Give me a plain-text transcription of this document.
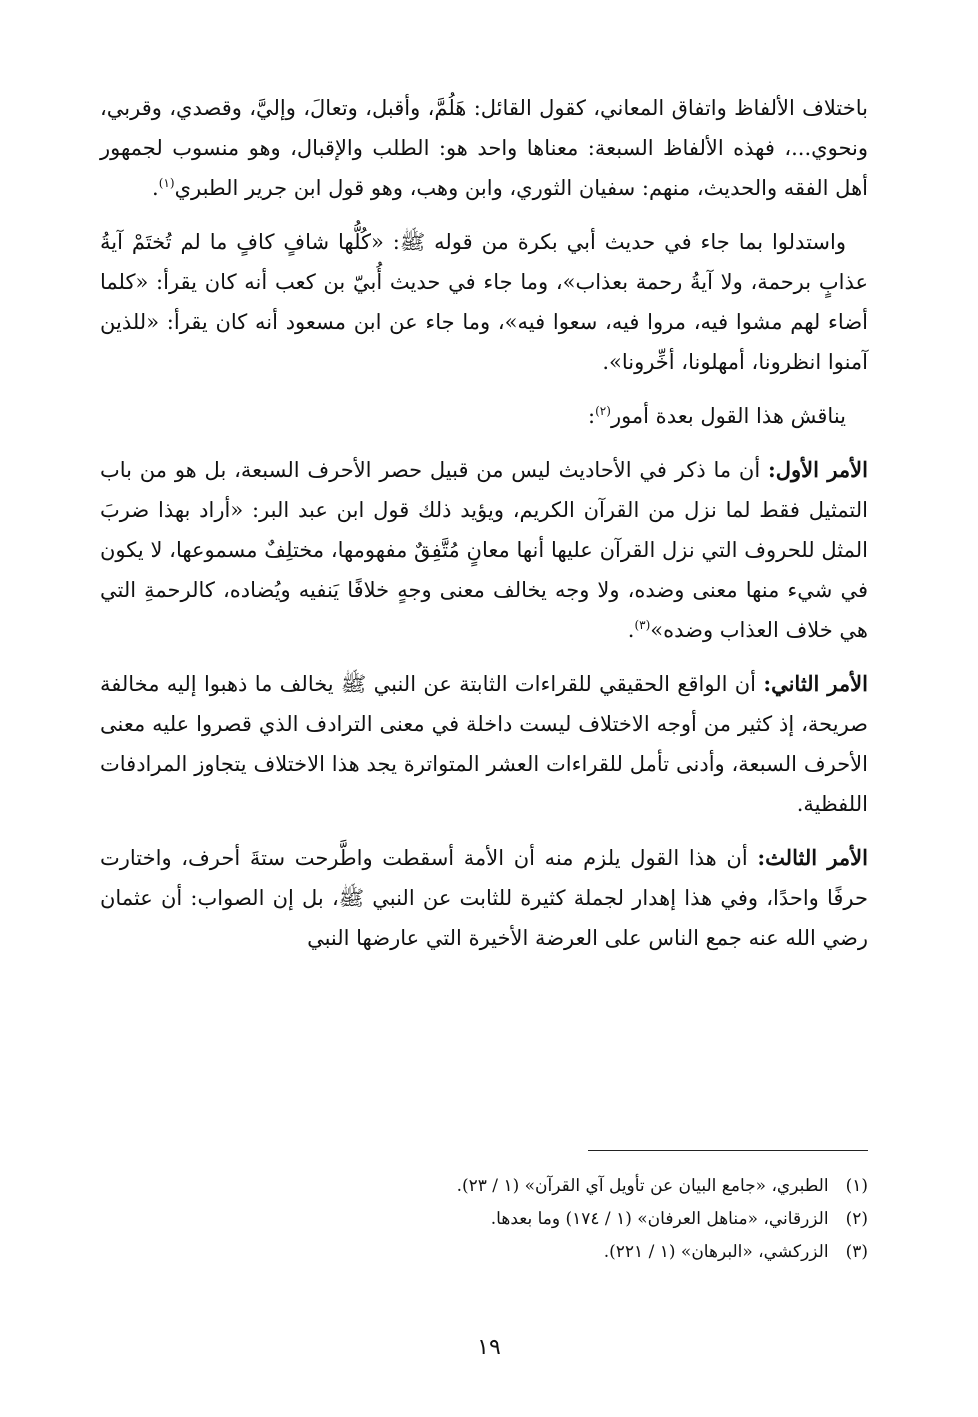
باختلاف الألفاظ واتفاق المعاني، كقول القائل: هَلُمَّ، وأقبل، وتعالَ، وإليَّ، وقصدي، وقربي، ونحوي...، فهذه الألفاظ السبعة: معناها واحد هو: الطلب والإقبال، وهو منسوب لجمهور أهل الفقه والحديث، منهم: سفيان الثوري، وابن وهب، وهو قول ابن جرير الطبري$^{(١)}$.

واستدلوا بما جاء في حديث أبي بكرة من قوله ﷺ: «كُلُّها شافٍ كافٍ ما لم تُختَمْ آيةُ عذابٍ برحمة، ولا آيةُ رحمة بعذاب»، وما جاء في حديث أُبيّ بن كعب أنه كان يقرأ: «كلما أضاء لهم مشوا فيه، مروا فيه، سعوا فيه»، وما جاء عن ابن مسعود أنه كان يقرأ: «للذين آمنوا انظرونا، أمهلونا، أخِّرونا».

يناقش هذا القول بعدة أمور$^{(٢)}$:

الأمر الأول: أن ما ذكر في الأحاديث ليس من قبيل حصر الأحرف السبعة، بل هو من باب التمثيل فقط لما نزل من القرآن الكريم، ويؤيد ذلك قول ابن عبد البر: «أراد بهذا ضربَ المثل للحروف التي نزل القرآن عليها أنها معانٍ مُتَّفِقٌ مفهومها، مختلِفٌ مسموعها، لا يكون في شيء منها معنى وضده، ولا وجه يخالف معنى وجهٍ خلافًا يَنفيه ويُضاده، كالرحمةِ التي هي خلاف العذاب وضده»$^{(٣)}$.

الأمر الثاني: أن الواقع الحقيقي للقراءات الثابتة عن النبي ﷺ يخالف ما ذهبوا إليه مخالفة صريحة، إذ كثير من أوجه الاختلاف ليست داخلة في معنى الترادف الذي قصروا عليه معنى الأحرف السبعة، وأدنى تأمل للقراءات العشر المتواترة يجد هذا الاختلاف يتجاوز المرادفات اللفظية.

الأمر الثالث: أن هذا القول يلزم منه أن الأمة أسقطت واطَّرحت ستةَ أحرف، واختارت حرفًا واحدًا، وفي هذا إهدار لجملة كثيرة للثابت عن النبي ﷺ، بل إن الصواب: أن عثمان رضي الله عنه جمع الناس على العرضة الأخيرة التي عارضها النبي

(١) الطبري، «جامع البيان عن تأويل آي القرآن» (١ / ٢٣).
(٢) الزرقاني، «مناهل العرفان» (١ / ١٧٤) وما بعدها.
(٣) الزركشي، «البرهان» (١ / ٢٢١).
١٩
